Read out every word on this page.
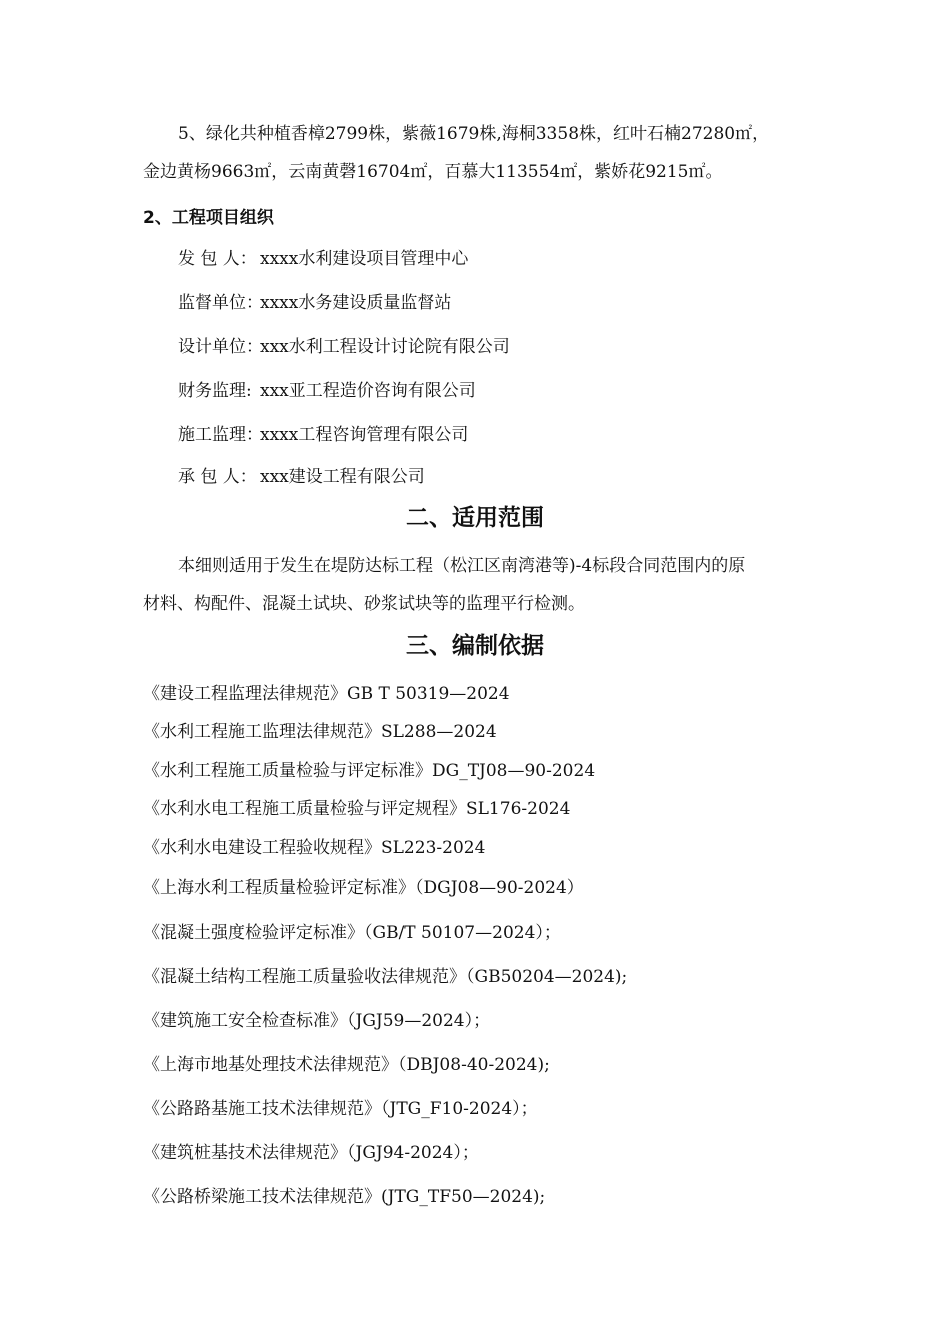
5、绿化共种植香樟2799株，紫薇1679株,海桐3358株，红叶石楠27280㎡，
金边黄杨9663㎡，云南黄磬16704㎡，百慕大113554㎡，紫娇花9215㎡。
2、工程项目组织
发 包 人： xxxx水利建设项目管理中心
监督单位：xxxx水务建设质量监督站
设计单位：xxx水利工程设计讨论院有限公司
财务监理: xxx亚工程造价咨询有限公司
施工监理：xxxx工程咨询管理有限公司
承 包 人： xxx建设工程有限公司
二、适用范围
本细则适用于发生在堤防达标工程（松江区南湾港等)-4标段合同范围内的原
材料、构配件、混凝土试块、砂浆试块等的监理平行检测。
三、编制依据
《建设工程监理法律规范》GB T 50319—2024
《水利工程施工监理法律规范》SL288—2024
《水利工程施工质量检验与评定标准》DG_TJ08—90-2024
《水利水电工程施工质量检验与评定规程》SL176-2024
《水利水电建设工程验收规程》SL223-2024
《上海水利工程质量检验评定标准》（DGJ08—90-2024）
《混凝土强度检验评定标准》（GB/T 50107—2024）；
《混凝土结构工程施工质量验收法律规范》（GB50204—2024);
《建筑施工安全检查标准》（JGJ59—2024）；
《上海市地基处理技术法律规范》（DBJ08-40-2024);
《公路路基施工技术法律规范》（JTG_F10-2024）；
《建筑桩基技术法律规范》（JGJ94-2024）；
《公路桥梁施工技术法律规范》(JTG_TF50—2024);
